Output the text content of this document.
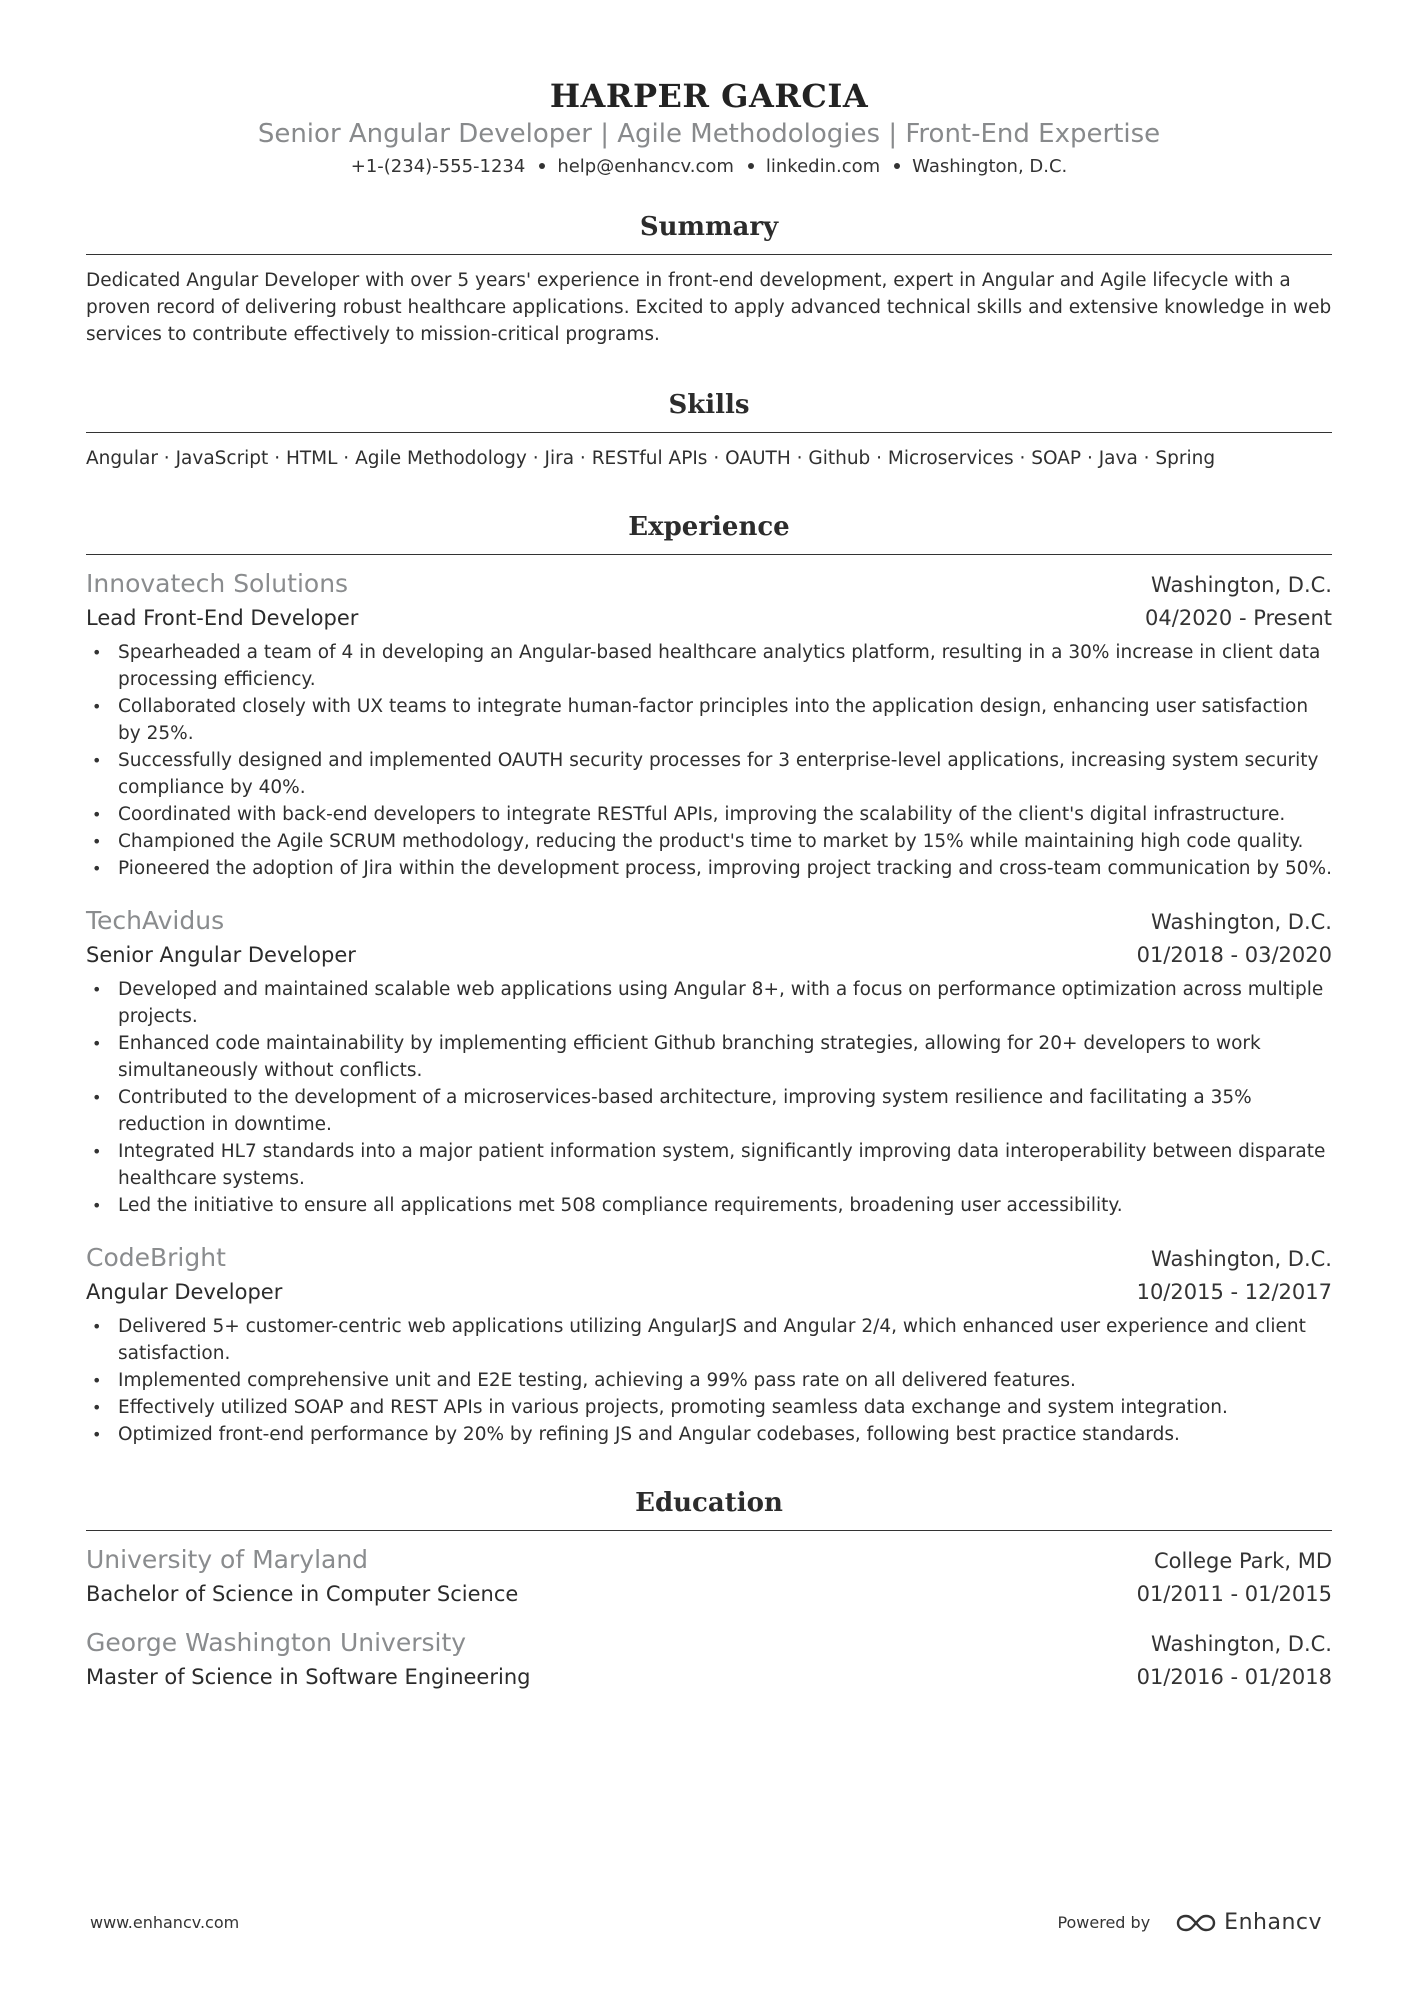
HARPER GARCIA
Senior Angular Developer | Agile Methodologies | Front-End Expertise
+1-(234)-555-1234 help@enhancv.com linkedin.com Washington, D.C.
Summary

Dedicated Angular Developer with over 5 years' experience in front-end development, expert in Angular and Agile lifecycle with a proven record of delivering robust healthcare applications. Excited to apply advanced technical skills and extensive knowledge in web services to contribute effectively to mission-critical programs.

Skills

Angular · JavaScript · HTML · Agile Methodology · Jira · RESTful APIs · OAUTH · Github · Microservices · SOAP · Java · Spring

Experience
Innovatech Solutions	Washington, D.C.
Lead Front-End Developer	04/2020 - Present
• Spearheaded a team of 4 in developing an Angular-based healthcare analytics platform, resulting in a 30% increase in client data processing efficiency.
• Collaborated closely with UX teams to integrate human-factor principles into the application design, enhancing user satisfaction by 25%.
• Successfully designed and implemented OAUTH security processes for 3 enterprise-level applications, increasing system security compliance by 40%.
• Coordinated with back-end developers to integrate RESTful APIs, improving the scalability of the client's digital infrastructure.
• Championed the Agile SCRUM methodology, reducing the product's time to market by 15% while maintaining high code quality.
• Pioneered the adoption of Jira within the development process, improving project tracking and cross-team communication by 50%.
TechAvidus	Washington, D.C.
Senior Angular Developer	01/2018 - 03/2020
• Developed and maintained scalable web applications using Angular 8+, with a focus on performance optimization across multiple projects.
• Enhanced code maintainability by implementing efficient Github branching strategies, allowing for 20+ developers to work simultaneously without conflicts.
• Contributed to the development of a microservices-based architecture, improving system resilience and facilitating a 35% reduction in downtime.
• Integrated HL7 standards into a major patient information system, significantly improving data interoperability between disparate healthcare systems.
• Led the initiative to ensure all applications met 508 compliance requirements, broadening user accessibility.
CodeBright	Washington, D.C.
Angular Developer	10/2015 - 12/2017
• Delivered 5+ customer-centric web applications utilizing AngularJS and Angular 2/4, which enhanced user experience and client satisfaction.
• Implemented comprehensive unit and E2E testing, achieving a 99% pass rate on all delivered features.
• Effectively utilized SOAP and REST APIs in various projects, promoting seamless data exchange and system integration.
• Optimized front-end performance by 20% by refining JS and Angular codebases, following best practice standards.
Education
University of Maryland	College Park, MD
Bachelor of Science in Computer Science	01/2011 - 01/2015
George Washington University	Washington, D.C.
Master of Science in Software Engineering	01/2016 - 01/2018
www.enhancv.com	Powered by	Enhancv
